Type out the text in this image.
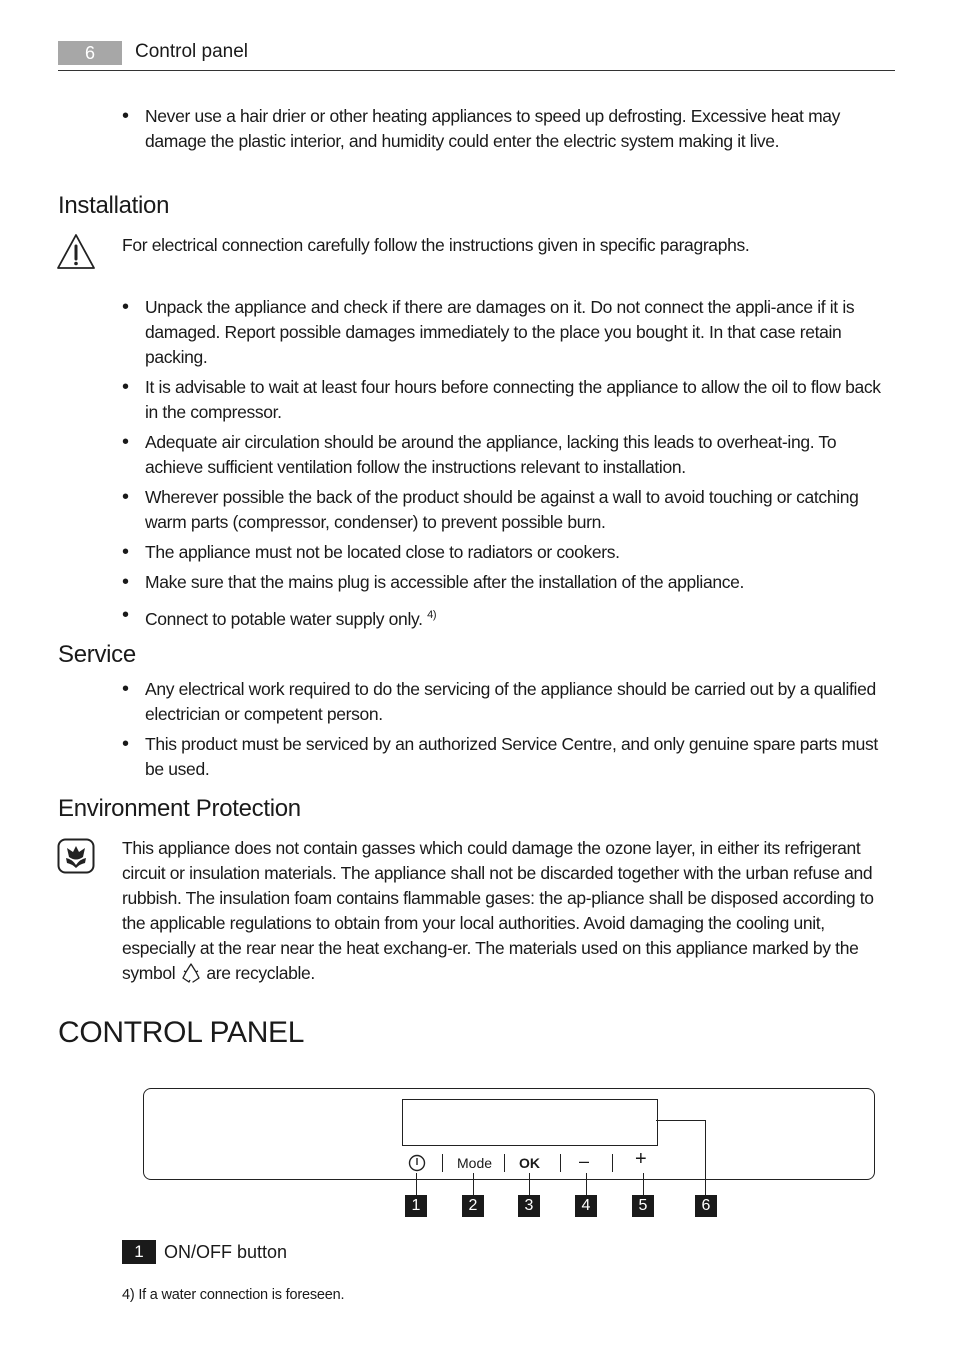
6	Control panel
• Never use a hair drier or other heating appliances to speed up defrosting. Excessive heat may damage the plastic interior, and humidity could enter the electric system making it live.
Installation
For electrical connection carefully follow the instructions given in specific paragraphs.
• Unpack the appliance and check if there are damages on it. Do not connect the appli-ance if it is damaged. Report possible damages immediately to the place you bought it. In that case retain packing.
• It is advisable to wait at least four hours before connecting the appliance to allow the oil to flow back in the compressor.
• Adequate air circulation should be around the appliance, lacking this leads to overheat-ing. To achieve sufficient ventilation follow the instructions relevant to installation.
• Wherever possible the back of the product should be against a wall to avoid touching or catching warm parts (compressor, condenser) to prevent possible burn.
• The appliance must not be located close to radiators or cookers.
• Make sure that the mains plug is accessible after the installation of the appliance.
• Connect to potable water supply only. $^{4)}$
Service
• Any electrical work required to do the servicing of the appliance should be carried out by a qualified electrician or competent person.
• This product must be serviced by an authorized Service Centre, and only genuine spare parts must be used.
Environment Protection
This appliance does not contain gasses which could damage the ozone layer, in either its refrigerant circuit or insulation materials. The appliance shall not be discarded together with the urban refuse and rubbish. The insulation foam contains flammable gases: the ap-pliance shall be disposed according to the applicable regulations to obtain from your local authorities. Avoid damaging the cooling unit, especially at the rear near the heat exchang-er. The materials used on this appliance marked by the symbol are recyclable.
CONTROL PANEL
Mode OK – +
1	2	3	4	5	6
1	ON/OFF button
4) If a water connection is foreseen.
